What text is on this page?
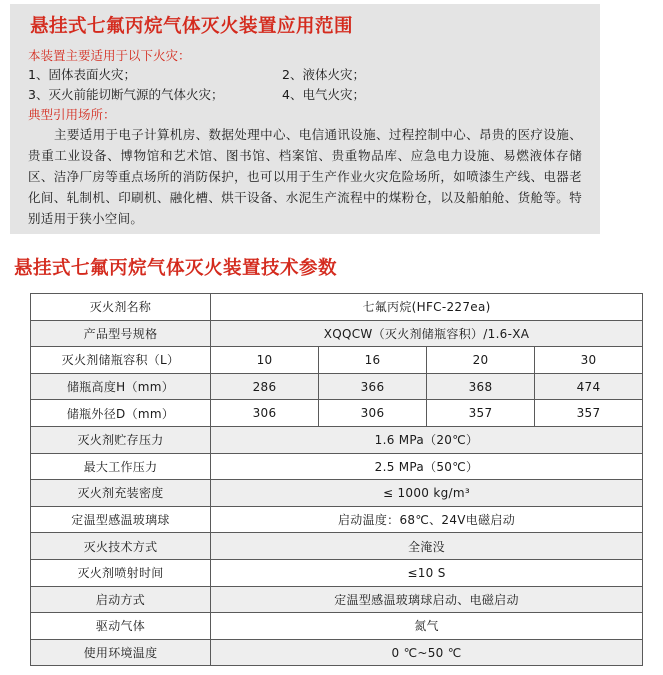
悬挂式七氟丙烷气体灭火装置应用范围
本装置主要适用于以下火灾：
1、固体表面火灾；	2、液体火灾；
3、灭火前能切断气源的气体火灾；	4、电气火灾；
典型引用场所：

主要适用于电子计算机房、数据处理中心、电信通讯设施、过程控制中心、昂贵的医疗设施、贵重工业设备、博物馆和艺术馆、图书馆、档案馆、贵重物品库、应急电力设施、易燃液体存储区、洁净厂房等重点场所的消防保护，也可以用于生产作业火灾危险场所，如喷漆生产线、电器老化间、轧制机、印刷机、融化槽、烘干设备、水泥生产流程中的煤粉仓，以及船舶舱、货舱等。特别适用于狭小空间。

悬挂式七氟丙烷气体灭火装置技术参数
灭火剂名称	七氟丙烷(HFC-227ea)			
产品型号规格	XQQCW（灭火剂储瓶容积）/1.6-XA			
灭火剂储瓶容积（L）	10	16	20	30
储瓶高度H（mm）	286	366	368	474
储瓶外径D（mm）	306	306	357	357
灭火剂贮存压力	1.6 MPa（20℃）			
最大工作压力	2.5 MPa（50℃）			
灭火剂充装密度	≤ 1000 kg/m³			
定温型感温玻璃球	启动温度：68℃、24V电磁启动			
灭火技术方式	全淹没			
灭火剂喷射时间	≤10 S			
启动方式	定温型感温玻璃球启动、电磁启动			
驱动气体	氮气			
使用环境温度	0 ℃~50 ℃			
